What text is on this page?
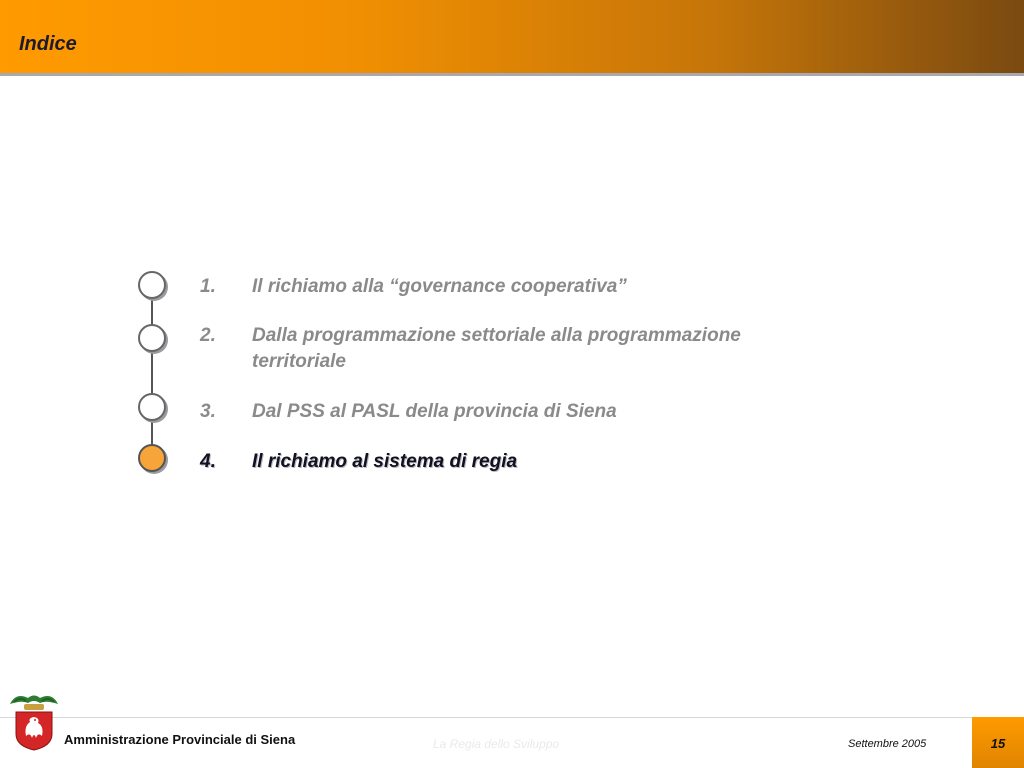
Indice
1. Il richiamo alla “governance cooperativa”
2. Dalla programmazione settoriale alla programmazione
territoriale
3. Dal PSS al PASL della provincia di Siena
4. Il richiamo al sistema di regia
Amministrazione Provinciale di Siena	La Regia dello Sviluppo	Settembre 2005	15
